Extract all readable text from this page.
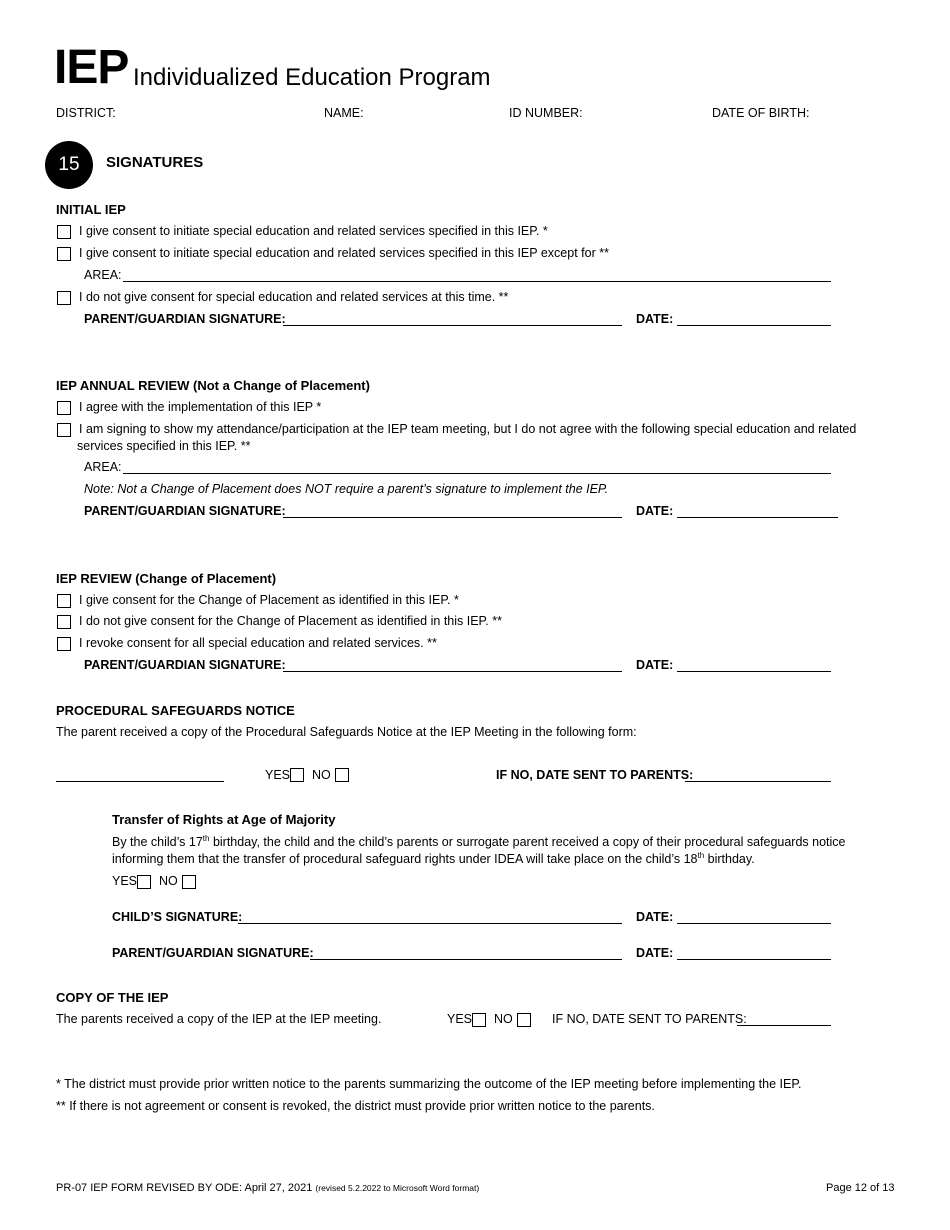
IEP Individualized Education Program
DISTRICT:	NAME:	ID NUMBER:	DATE OF BIRTH:
15	SIGNATURES
INITIAL IEP
I give consent to initiate special education and related services specified in this IEP. *
I give consent to initiate special education and related services specified in this IEP except for **
AREA:
I do not give consent for special education and related services at this time. **
PARENT/GUARDIAN SIGNATURE:	DATE:
IEP ANNUAL REVIEW (Not a Change of Placement)
I agree with the implementation of this IEP *
I am signing to show my attendance/participation at the IEP team meeting, but I do not agree with the following special education and related
services specified in this IEP. **
AREA:
Note: Not a Change of Placement does NOT require a parent’s signature to implement the IEP.
PARENT/GUARDIAN SIGNATURE:	DATE:
IEP REVIEW (Change of Placement)
I give consent for the Change of Placement as identified in this IEP. *
I do not give consent for the Change of Placement as identified in this IEP. **
I revoke consent for all special education and related services. **
PARENT/GUARDIAN SIGNATURE:	DATE:
PROCEDURAL SAFEGUARDS NOTICE
The parent received a copy of the Procedural Safeguards Notice at the IEP Meeting in the following form:
YES NO	IF NO, DATE SENT TO PARENTS:
Transfer of Rights at Age of Majority
By the child’s 17th birthday, the child and the child’s parents or surrogate parent received a copy of their procedural safeguards notice
informing them that the transfer of procedural safeguard rights under IDEA will take place on the child’s 18th birthday.
YES NO
CHILD’S SIGNATURE:	DATE:
PARENT/GUARDIAN SIGNATURE:	DATE:
COPY OF THE IEP
The parents received a copy of the IEP at the IEP meeting.	YES NO	IF NO, DATE SENT TO PARENTS:
* The district must provide prior written notice to the parents summarizing the outcome of the IEP meeting before implementing the IEP.
** If there is not agreement or consent is revoked, the district must provide prior written notice to the parents.
PR-07 IEP FORM REVISED BY ODE: April 27, 2021 (revised 5.2.2022 to Microsoft Word format)	Page 12 of 13
